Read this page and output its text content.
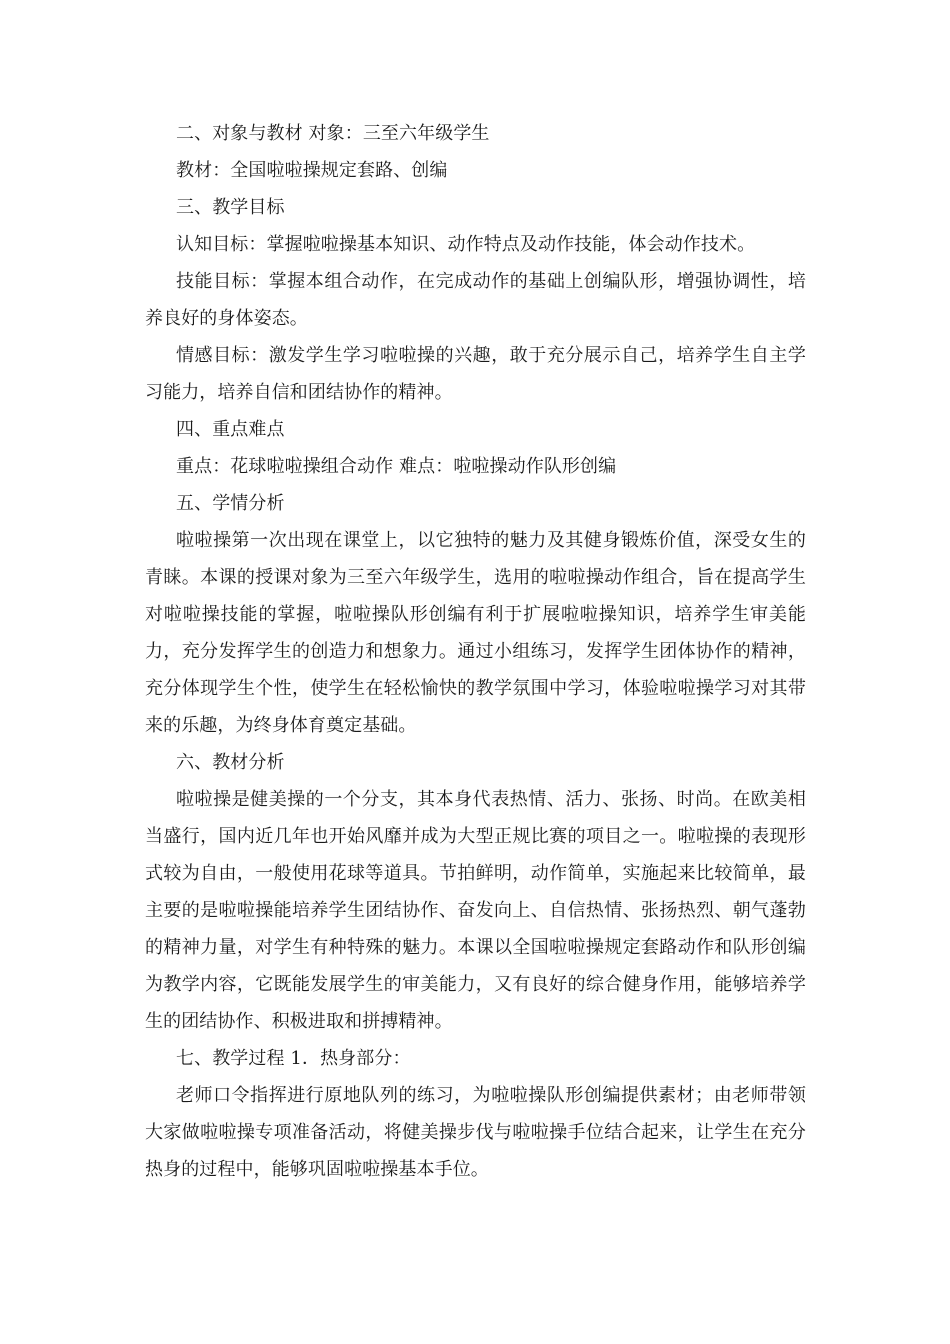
二、对象与教材 对象：三至六年级学生

教材：全国啦啦操规定套路、创编

三、教学目标

认知目标：掌握啦啦操基本知识、动作特点及动作技能，体会动作技术。

技能目标：掌握本组合动作，在完成动作的基础上创编队形，增强协调性，培养良好的身体姿态。

情感目标：激发学生学习啦啦操的兴趣，敢于充分展示自己，培养学生自主学习能力，培养自信和团结协作的精神。

四、重点难点

重点：花球啦啦操组合动作 难点：啦啦操动作队形创编

五、学情分析

啦啦操第一次出现在课堂上，以它独特的魅力及其健身锻炼价值，深受女生的青睐。本课的授课对象为三至六年级学生，选用的啦啦操动作组合，旨在提高学生对啦啦操技能的掌握，啦啦操队形创编有利于扩展啦啦操知识，培养学生审美能力，充分发挥学生的创造力和想象力。通过小组练习，发挥学生团体协作的精神，充分体现学生个性，使学生在轻松愉快的教学氛围中学习，体验啦啦操学习对其带来的乐趣，为终身体育奠定基础。

六、教材分析

啦啦操是健美操的一个分支，其本身代表热情、活力、张扬、时尚。在欧美相当盛行，国内近几年也开始风靡并成为大型正规比赛的项目之一。啦啦操的表现形式较为自由，一般使用花球等道具。节拍鲜明，动作简单，实施起来比较简单，最主要的是啦啦操能培养学生团结协作、奋发向上、自信热情、张扬热烈、朝气蓬勃的精神力量，对学生有种特殊的魅力。本课以全国啦啦操规定套路动作和队形创编为教学内容，它既能发展学生的审美能力，又有良好的综合健身作用，能够培养学生的团结协作、积极进取和拼搏精神。

七、教学过程 1．热身部分：

老师口令指挥进行原地队列的练习，为啦啦操队形创编提供素材；由老师带领大家做啦啦操专项准备活动，将健美操步伐与啦啦操手位结合起来，让学生在充分热身的过程中，能够巩固啦啦操基本手位。
